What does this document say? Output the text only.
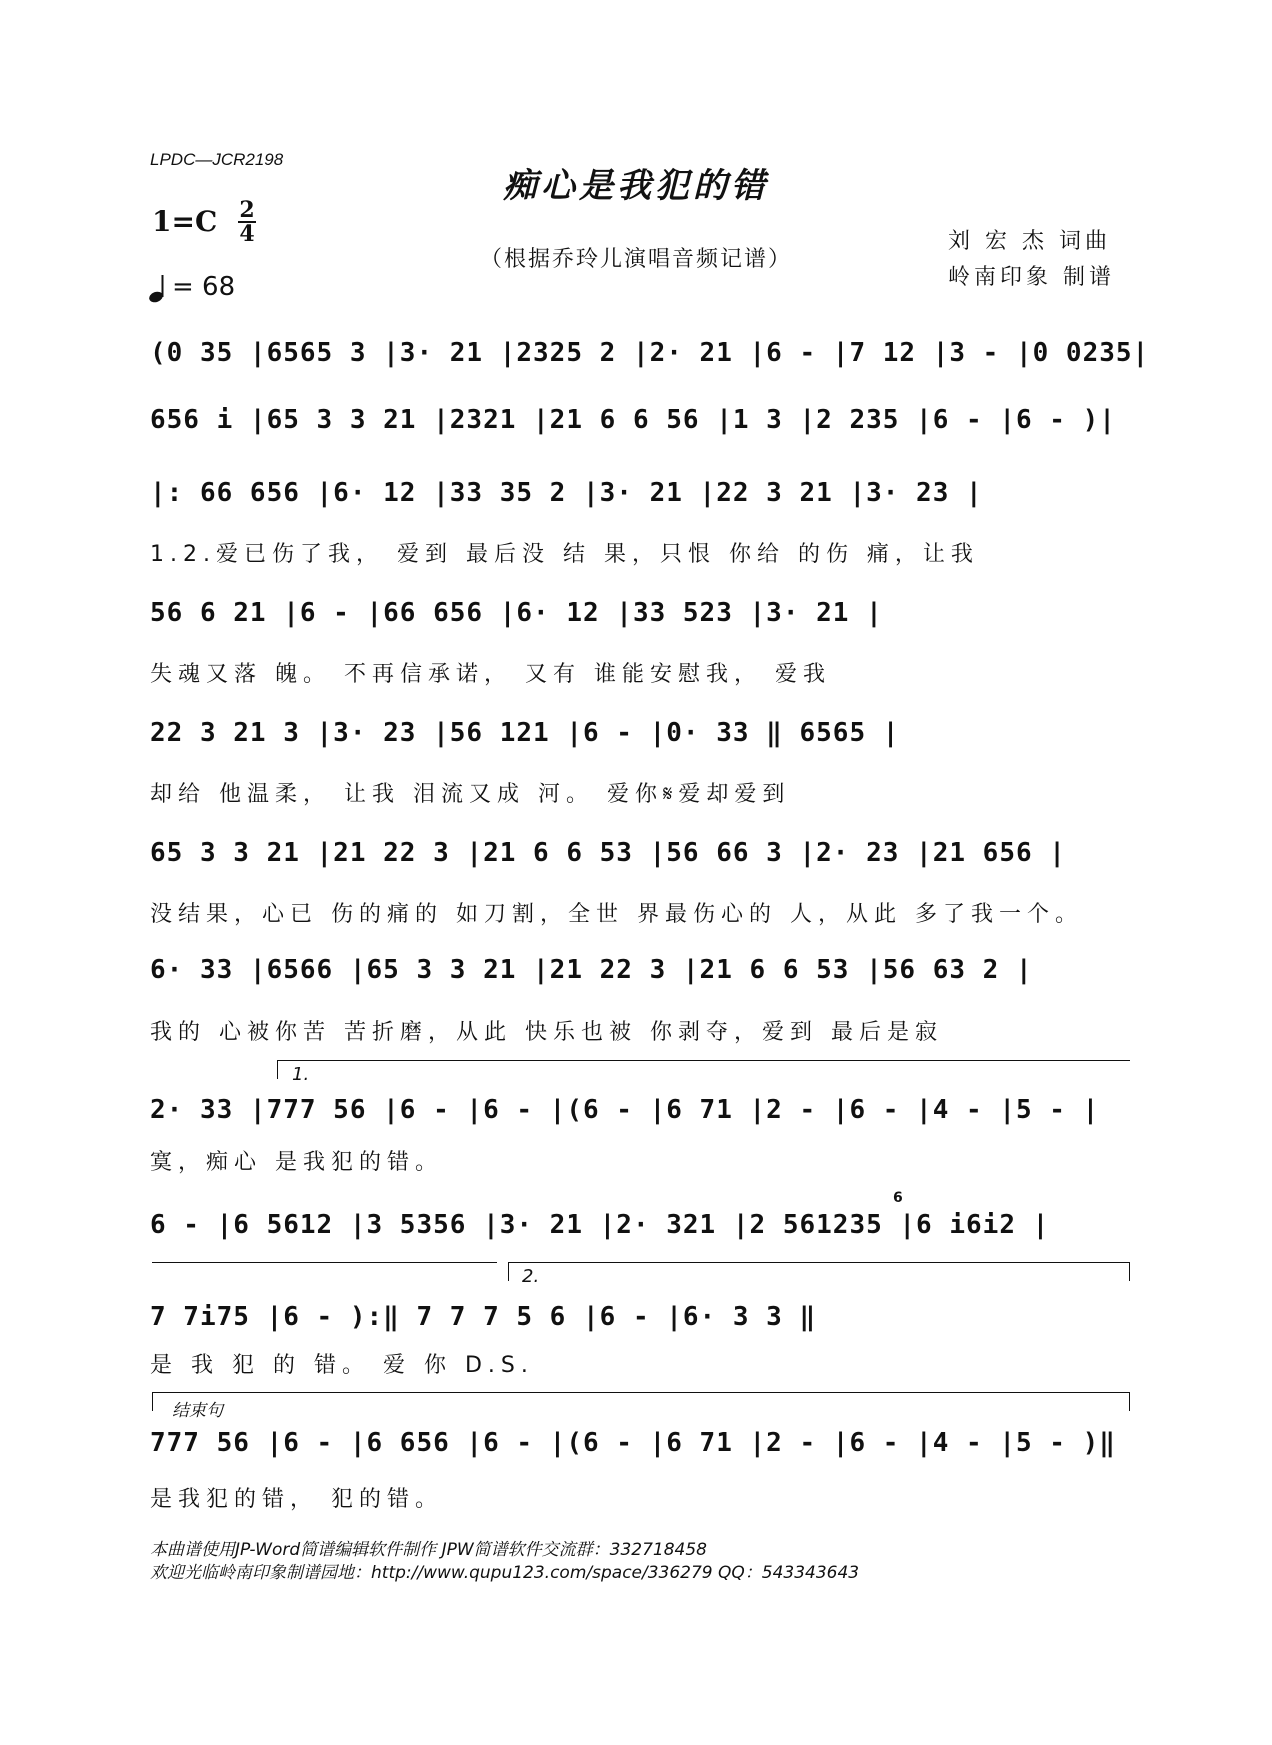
LPDC—JCR2198
痴心是我犯的错
1=C 2
4
= 68
（根据乔玲儿演唱音频记谱）
刘 宏 杰 词曲
岭南印象 制谱
(0 35 |6565 3 |3· 21 |2325 2 |2· 21 |6 - |7 12 |3 - |0 0235|
656 i |65 3 3 21 |2321 |21 6 6 56 |1 3 |2 235 |6 - |6 - )|
|: 66 656 |6· 12 |33 35 2 |3· 21 |22 3 21 |3· 23 |
1.2.爱已伤了我， 爱到 最后没 结 果，只恨 你给 的伤 痛，让我
56 6 21 |6 - |66 656 |6· 12 |33 523 |3· 21 |
失魂又落 魄。 不再信承诺， 又有 谁能安慰我， 爱我
22 3 21 3 |3· 23 |56 121 |6 - |0· 33 ‖ 6565 |
却给 他温柔， 让我 泪流又成 河。 爱你𝄋爱却爱到
65 3 3 21 |21 22 3 |21 6 6 53 |56 66 3 |2· 23 |21 656 |
没结果，心已 伤的痛的 如刀割，全世 界最伤心的 人，从此 多了我一个。
6· 33 |6566 |65 3 3 21 |21 22 3 |21 6 6 53 |56 63 2 |
我的 心被你苦 苦折磨，从此 快乐也被 你剥夺，爱到 最后是寂
1.
2· 33 |777 56 |6 - |6 - |(6 - |6 71 |2 - |6 - |4 - |5 - |
寞，痴心 是我犯的错。
6 - |6 5612 |3 5356 |3· 21 |2· 321 |2 561235 |6 i6i2 |
6
2.
7 7i75 |6 - ):‖ 7 7 7 5 6 |6 - |6· 3 3 ‖
是 我 犯 的 错。 爱 你 D.S.
结束句
777 56 |6 - |6 656 |6 - |(6 - |6 71 |2 - |6 - |4 - |5 - )‖
是我犯的错， 犯的错。
本曲谱使用JP-Word简谱编辑软件制作 JPW简谱软件交流群：332718458
欢迎光临岭南印象制谱园地：http://www.qupu123.com/space/336279 QQ：543343643
